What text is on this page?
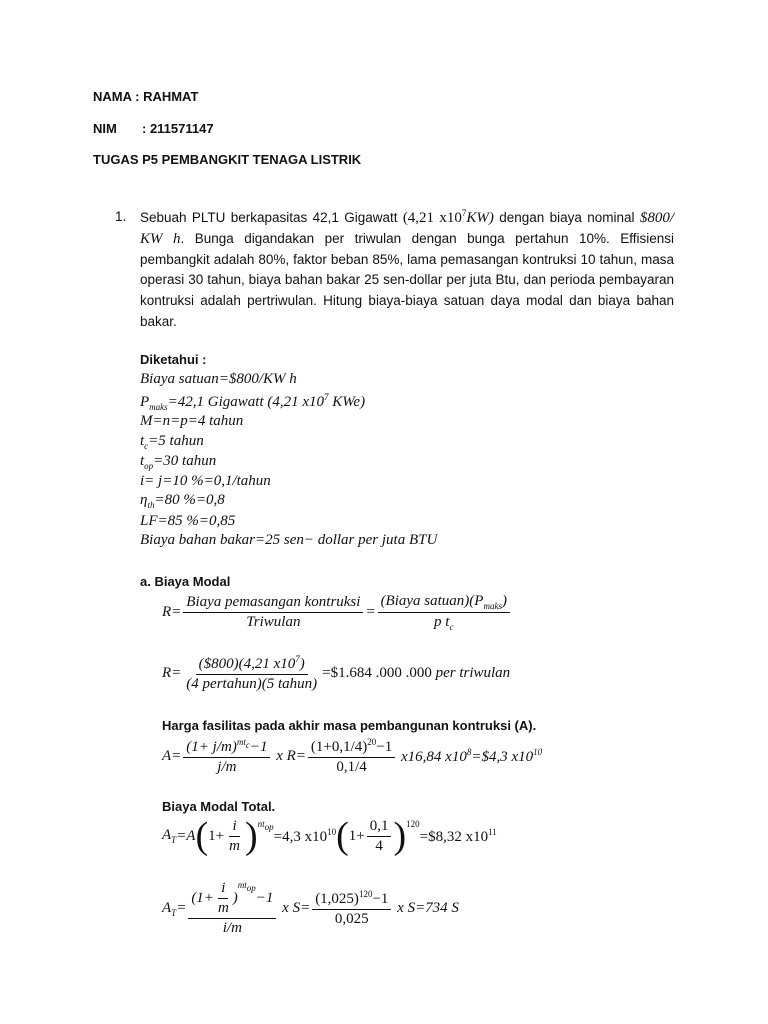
NAMA : RAHMAT
NIM : 211571147
TUGAS P5 PEMBANGKIT TENAGA LISTRIK
1. Sebuah PLTU berkapasitas 42,1 Gigawatt (4,21 $x10^7KW$) dengan biaya nominal $800/ KW h. Bunga digandakan per triwulan dengan bunga pertahun 10%. Effisiensi pembangkit adalah 80%, faktor beban 85%, lama pemasangan kontruksi 10 tahun, masa operasi 30 tahun, biaya bahan bakar 25 sen-dollar per juta Btu, dan perioda pembayaran kontruksi adalah pertriwulan. Hitung biaya-biaya satuan daya modal dan biaya bahan bakar.
Diketahui :
Biaya satuan=$800/KW h
$P_{maks}=42,1$ Gigawatt (4,21 $x10^7$ KWe)
M=n=p=4 tahun
$t_c=5$ tahun
$t_{op}=30$ tahun
i= j=10 %=0,1/tahun
$\eta_{th}=80$ %=0,8
LF=85 %=0,85
Biaya bahan bakar=25 sen− dollar per juta BTU
a. Biaya Modal
$R= \frac{\text{Biaya pemasangan kontruksi}}{\text{Triwulan}} = \frac{(Biaya satuan)(P_{maks})}{p t_c}$
$R= \frac{(\$800)(4,21 x10^7)}{\text{(4 pertahun)(5 tahun)}}$ =$1.684 .000 .000 per triwulan
Harga fasilitas pada akhir masa pembangunan kontruksi (A).
$A= \frac{(1+ j/m)^{mt_c}-1}{j/m}$ x $R= \frac{(1+0,1/4)^{20}-1}{0,1/4} x16,84$ $x10^8=\$4,3$ $x10^{10}$
Biaya Modal Total.
$A_T =A$ ( $1+ \frac{i}{m}$ ) $^{nt_{op}}$
=4,3 $x10^{10}$ ( $1+ \frac{0,1}{4} )^{120}$
=$8,32 $x10^{11}$
$A_T = (1+ \frac{i}{m}$ )
$^{mt_{op}}$
−1
i/m x $S= \frac{(1,025)^{120}-1}{0,025}$ x S=734 S
